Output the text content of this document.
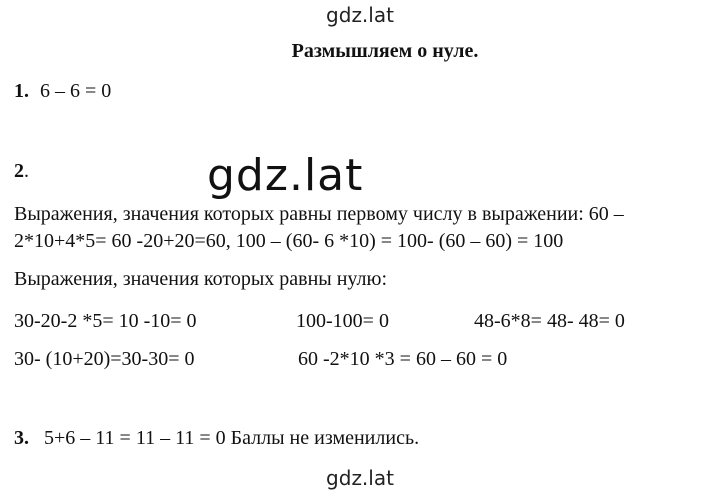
gdz.lat
Размышляем о нуле.
1. 6 – 6 = 0
2.	gdz.lat
Выражения, значения которых равны первому числу в выражении: 60 –
2*10+4*5= 60 -20+20=60, 100 – (60- 6 *10) = 100- (60 – 60) = 100
Выражения, значения которых равны нулю:
30-20-2 *5= 10 -10= 0	100-100= 0	48-6*8= 48- 48= 0
30- (10+20)=30-30= 0	60 -2*10 *3 = 60 – 60 = 0
3. 5+6 – 11 = 11 – 11 = 0 Баллы не изменились.
gdz.lat
